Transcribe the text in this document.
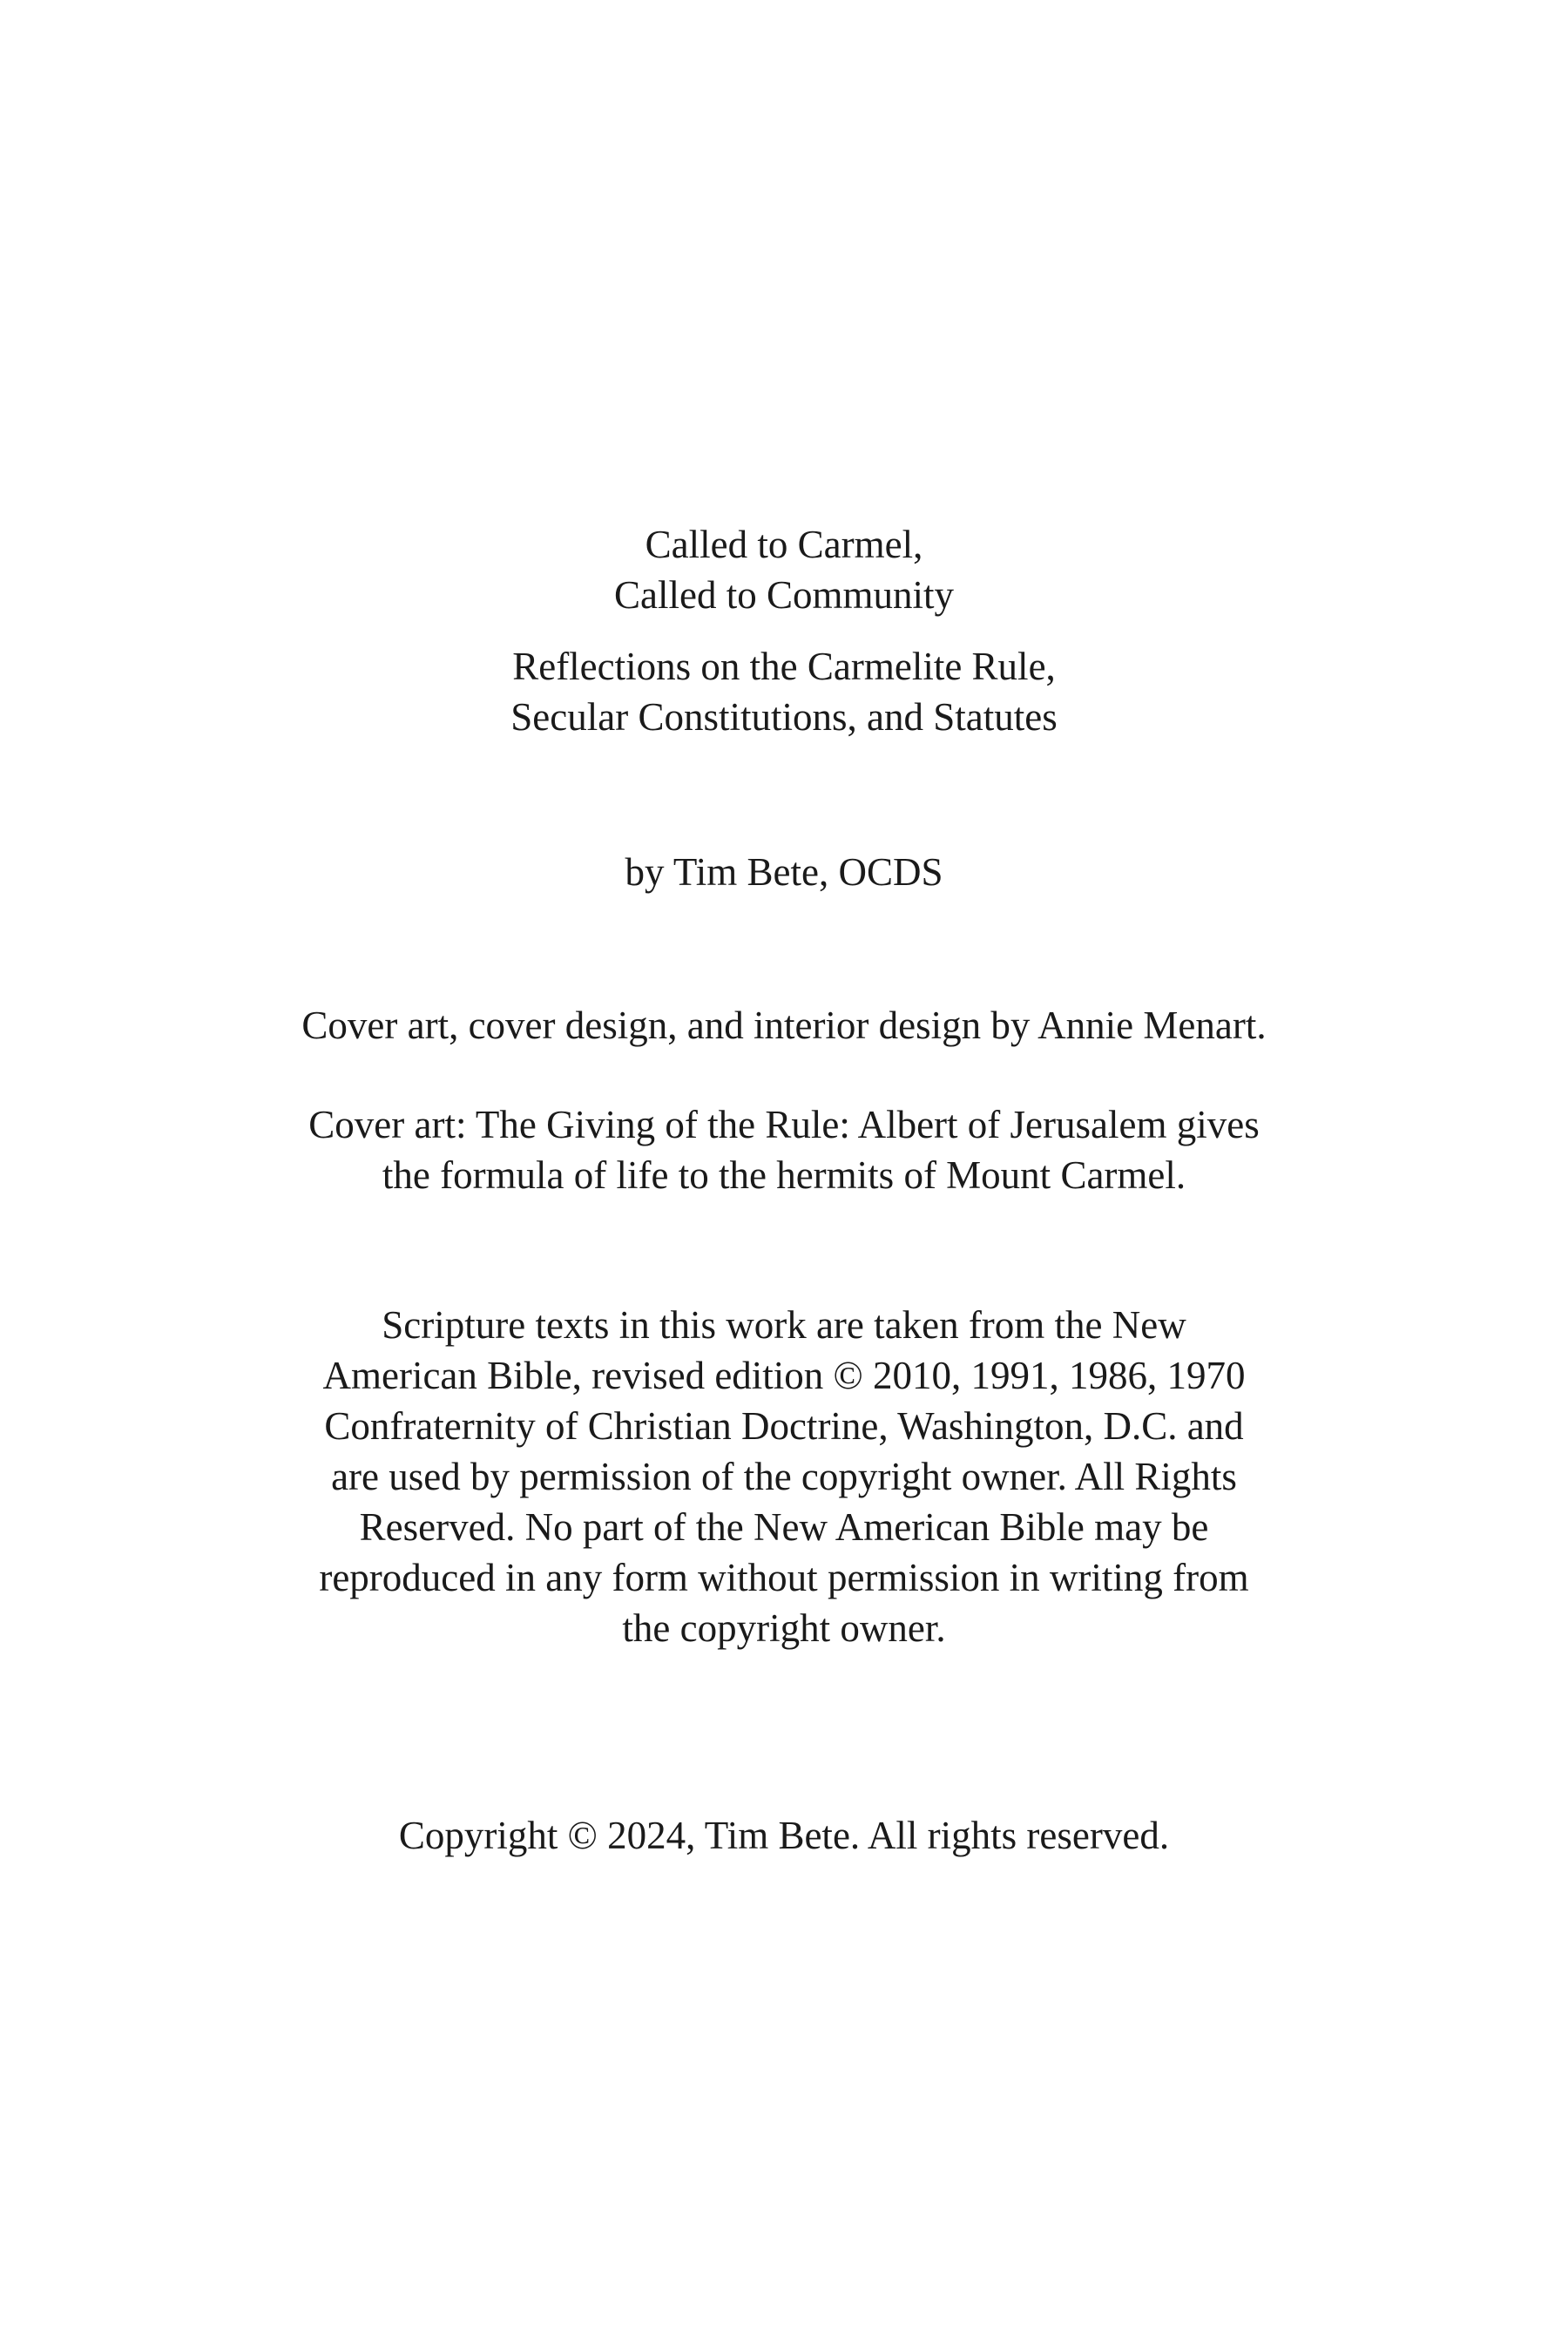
Called to Carmel,
Called to Community
Reflections on the Carmelite Rule,
Secular Constitutions, and Statutes
by Tim Bete, OCDS
Cover art, cover design, and interior design by Annie Menart.
Cover art: The Giving of the Rule: Albert of Jerusalem gives
the formula of life to the hermits of Mount Carmel.
Scripture texts in this work are taken from the New
American Bible, revised edition © 2010, 1991, 1986, 1970
Confraternity of Christian Doctrine, Washington, D.C. and
are used by permission of the copyright owner. All Rights
Reserved. No part of the New American Bible may be
reproduced in any form without permission in writing from
the copyright owner.
Copyright © 2024, Tim Bete. All rights reserved.
